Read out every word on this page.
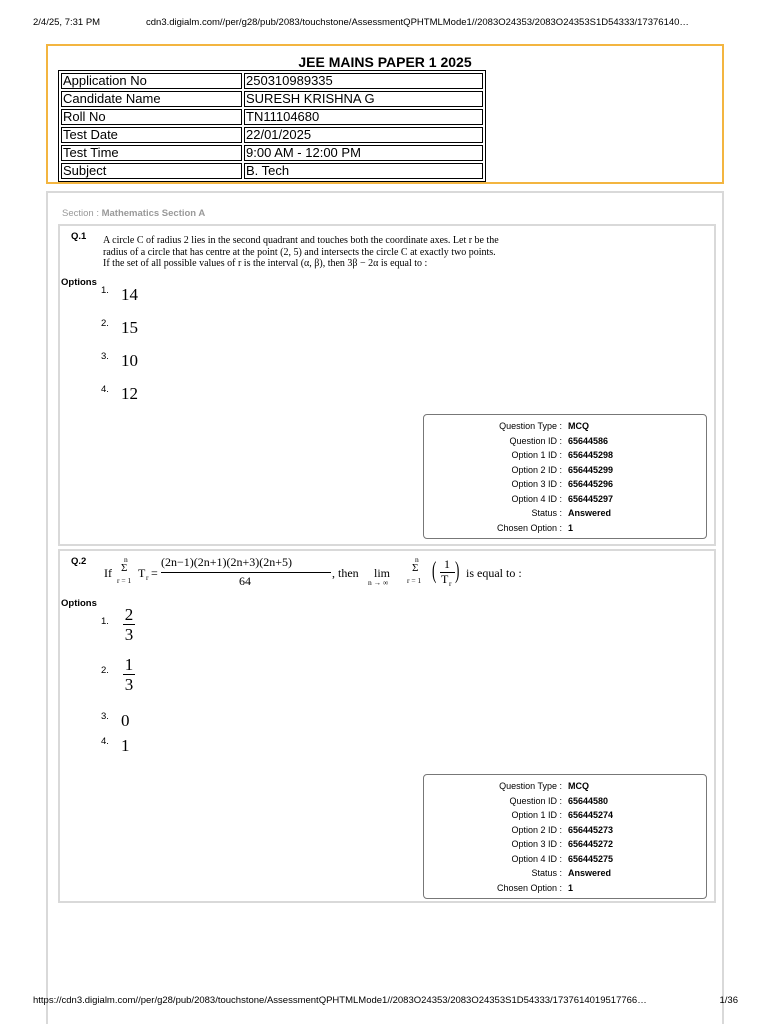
2/4/25, 7:31 PM	cdn3.digialm.com//per/g28/pub/2083/touchstone/AssessmentQPHTMLMode1//2083O24353/2083O24353S1D54333/17376140…
JEE MAINS PAPER 1 2025
Application No	250310989335
Candidate Name	SURESH KRISHNA G
Roll No	TN11104680
Test Date	22/01/2025
Test Time	9:00 AM - 12:00 PM
Subject	B. Tech
Section : Mathematics Section A
Q.1 A circle C of radius 2 lies in the second quadrant and touches both the coordinate axes. Let r be the
radius of a circle that has centre at the point (2, 5) and intersects the circle C at exactly two points.
If the set of all possible values of r is the interval (α, β), then 3β − 2α is equal to :
Options
1. 14
2. 15
3. 10
4. 12
Question Type : MCQ
Question ID : 65644586
Option 1 ID : 656445298
Option 2 ID : 656445299
Option 3 ID : 656445296
Option 4 ID : 656445297
Status : Answered
Chosen Option : 1
Q.2
If
n
Σ
r = 1
T r =
(2n−1)(2n+1)(2n+3)(2n+5)
64
, then lim
n → ∞
n
Σ
r = 1 ( 1
T r ) is equal to :
Options
1. $\frac{2}{3}$
2. $\frac{1}{3}$
3. 0
4. 1
Question Type : MCQ
Question ID : 65644580
Option 1 ID : 656445274
Option 2 ID : 656445273
Option 3 ID : 656445272
Option 4 ID : 656445275
Status : Answered
Chosen Option : 1
https://cdn3.digialm.com//per/g28/pub/2083/touchstone/AssessmentQPHTMLMode1//2083O24353/2083O24353S1D54333/1737614019517766…	1/36
